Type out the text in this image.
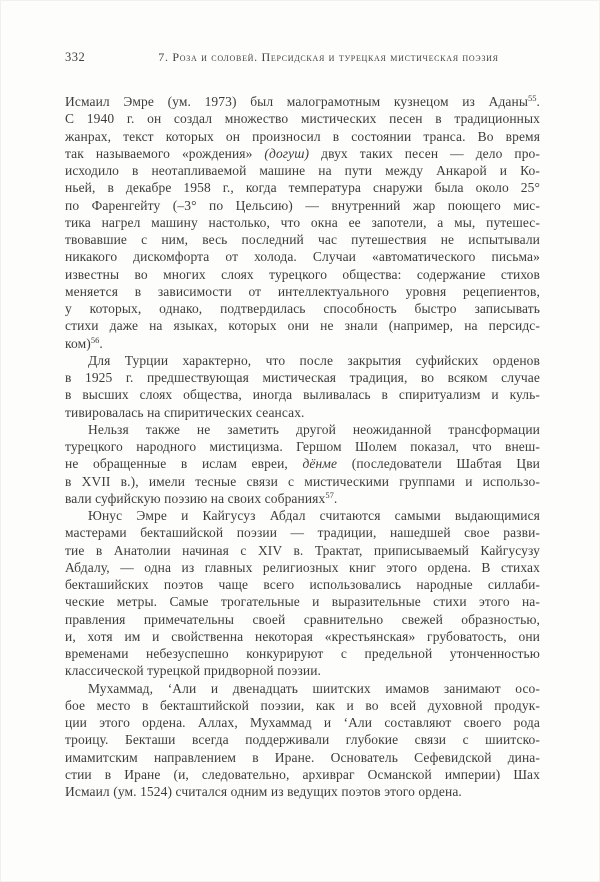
332	7. Роза и соловей. Персидская и турецкая мистическая поэзия
Исмаил Эмре (ум. 1973) был малограмотным кузнецом из Аданы$^{55}$.
С 1940 г. он создал множество мистических песен в традиционных
жанрах, текст которых он произносил в состоянии транса. Во время
так называемого «рождения» (догуш) двух таких песен — дело про-
исходило в неотапливаемой машине на пути между Анкарой и Ко-
ньей, в декабре 1958 г., когда температура снаружи была около 25°
по Фаренгейту (–3° по Цельсию) — внутренний жар поющего мис-
тика нагрел машину настолько, что окна ее запотели, а мы, путешес-
твовавшие с ним, весь последний час путешествия не испытывали
никакого дискомфорта от холода. Случаи «автоматического письма»
известны во многих слоях турецкого общества: содержание стихов
меняется в зависимости от интеллектуального уровня рецепиентов,
у которых, однако, подтвердилась способность быстро записывать
стихи даже на языках, которых они не знали (например, на персидс-
ком)$^{56}$.
Для Турции характерно, что после закрытия суфийских орденов
в 1925 г. предшествующая мистическая традиция, во всяком случае
в высших слоях общества, иногда выливалась в спиритуализм и куль-
тивировалась на спиритических сеансах.
Нельзя также не заметить другой неожиданной трансформации
турецкого народного мистицизма. Гершом Шолем показал, что внеш-
не обращенные в ислам евреи, дёнме (последователи Шабтая Цви
в XVII в.), имели тесные связи с мистическими группами и использо-
вали суфийскую поэзию на своих собраниях$^{57}$.
Юнус Эмре и Кайгусуз Абдал считаются самыми выдающимися
мастерами бекташийской поэзии — традиции, нашедшей свое разви-
тие в Анатолии начиная с XIV в. Трактат, приписываемый Кайгусузу
Абдалу, — одна из главных религиозных книг этого ордена. В стихах
бекташийских поэтов чаще всего использовались народные силлаби-
ческие метры. Самые трогательные и выразительные стихи этого на-
правления примечательны своей сравнительно свежей образностью,
и, хотя им и свойственна некоторая «крестьянская» грубоватость, они
временами небезуспешно конкурируют с предельной утонченностью
классической турецкой придворной поэзии.
Мухаммад, ‘Али и двенадцать шиитских имамов занимают осо-
бое место в бекташтийской поэзии, как и во всей духовной продук-
ции этого ордена. Аллах, Мухаммад и ‘Али составляют своего рода
троицу. Бекташи всегда поддерживали глубокие связи с шиитско-
имамитским направлением в Иране. Основатель Сефевидской дина-
стии в Иране (и, следовательно, архивраг Османской империи) Шах
Исмаил (ум. 1524) считался одним из ведущих поэтов этого ордена.
